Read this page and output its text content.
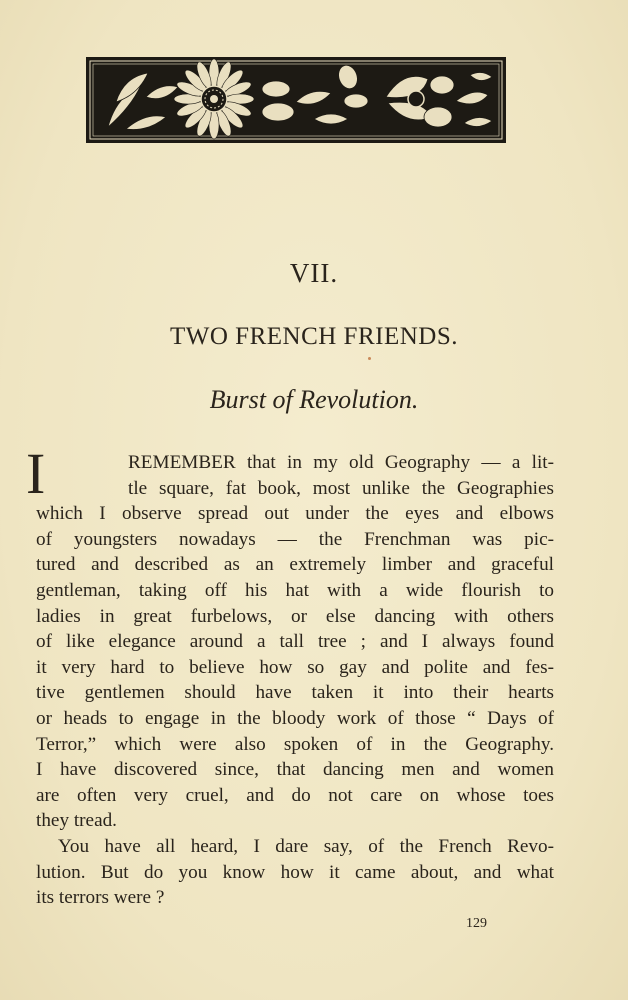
VII.
TWO FRENCH FRIENDS.
Burst of Revolution.
I	REMEMBER that in my old Geography — a lit-
tle square, fat book, most unlike the Geographies
which I observe spread out under the eyes and elbows
of youngsters nowadays — the Frenchman was pic-
tured and described as an extremely limber and graceful
gentleman, taking off his hat with a wide flourish to
ladies in great furbelows, or else dancing with others
of like elegance around a tall tree ; and I always found
it very hard to believe how so gay and polite and fes-
tive gentlemen should have taken it into their hearts
or heads to engage in the bloody work of those “ Days of
Terror,” which were also spoken of in the Geography.
I have discovered since, that dancing men and women
are often very cruel, and do not care on whose toes
they tread.
You have all heard, I dare say, of the French Revo-
lution. But do you know how it came about, and what
its terrors were ?
129
